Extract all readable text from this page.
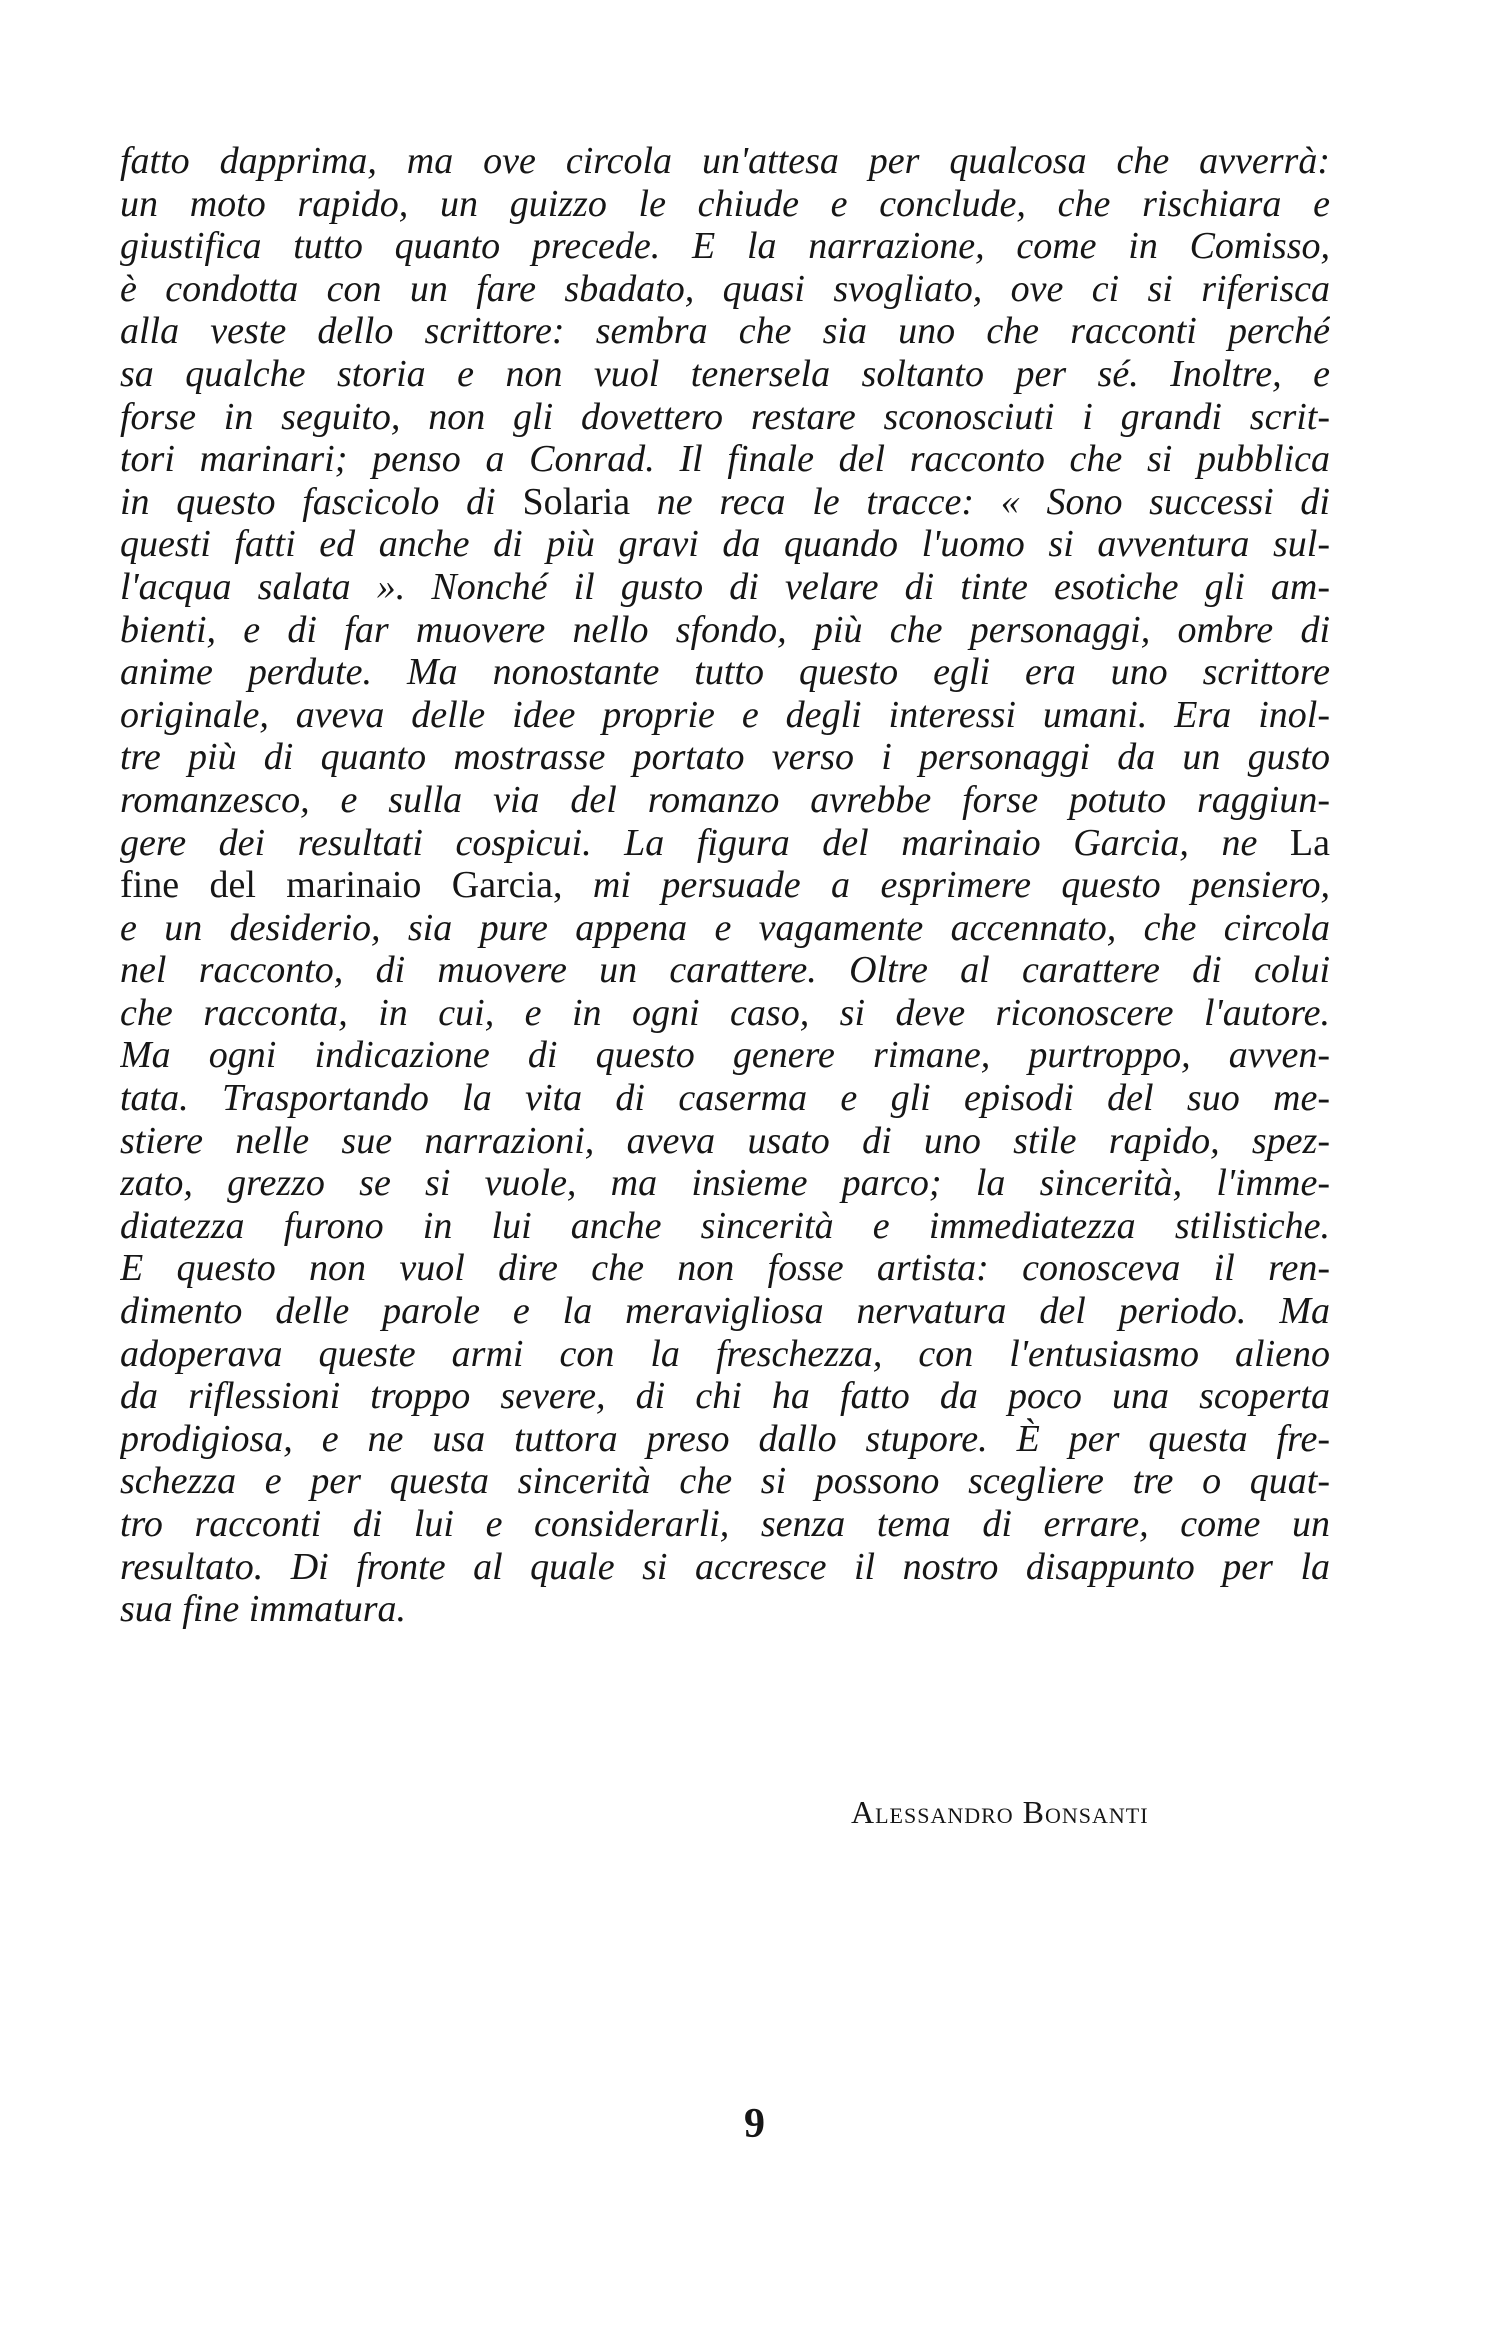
fatto dapprima, ma ove circola un'attesa per qualcosa che avverrà:
un moto rapido, un guizzo le chiude e conclude, che rischiara e
giustifica tutto quanto precede. E la narrazione, come in Comisso,
è condotta con un fare sbadato, quasi svogliato, ove ci si riferisca
alla veste dello scrittore: sembra che sia uno che racconti perché
sa qualche storia e non vuol tenersela soltanto per sé. Inoltre, e
forse in seguito, non gli dovettero restare sconosciuti i grandi scrit-
tori marinari; penso a Conrad. Il finale del racconto che si pubblica
in questo fascicolo di Solaria ne reca le tracce: « Sono successi di
questi fatti ed anche di più gravi da quando l'uomo si avventura sul-
l'acqua salata ». Nonché il gusto di velare di tinte esotiche gli am-
bienti, e di far muovere nello sfondo, più che personaggi, ombre di
anime perdute. Ma nonostante tutto questo egli era uno scrittore
originale, aveva delle idee proprie e degli interessi umani. Era inol-
tre più di quanto mostrasse portato verso i personaggi da un gusto
romanzesco, e sulla via del romanzo avrebbe forse potuto raggiun-
gere dei resultati cospicui. La figura del marinaio Garcia, ne La
fine del marinaio Garcia, mi persuade a esprimere questo pensiero,
e un desiderio, sia pure appena e vagamente accennato, che circola
nel racconto, di muovere un carattere. Oltre al carattere di colui
che racconta, in cui, e in ogni caso, si deve riconoscere l'autore.
Ma ogni indicazione di questo genere rimane, purtroppo, avven-
tata. Trasportando la vita di caserma e gli episodi del suo me-
stiere nelle sue narrazioni, aveva usato di uno stile rapido, spez-
zato, grezzo se si vuole, ma insieme parco; la sincerità, l'imme-
diatezza furono in lui anche sincerità e immediatezza stilistiche.
E questo non vuol dire che non fosse artista: conosceva il ren-
dimento delle parole e la meravigliosa nervatura del periodo. Ma
adoperava queste armi con la freschezza, con l'entusiasmo alieno
da riflessioni troppo severe, di chi ha fatto da poco una scoperta
prodigiosa, e ne usa tuttora preso dallo stupore. È per questa fre-
schezza e per questa sincerità che si possono scegliere tre o quat-
tro racconti di lui e considerarli, senza tema di errare, come un
resultato. Di fronte al quale si accresce il nostro disappunto per la
sua fine immatura.
Alessandro Bonsanti
9
